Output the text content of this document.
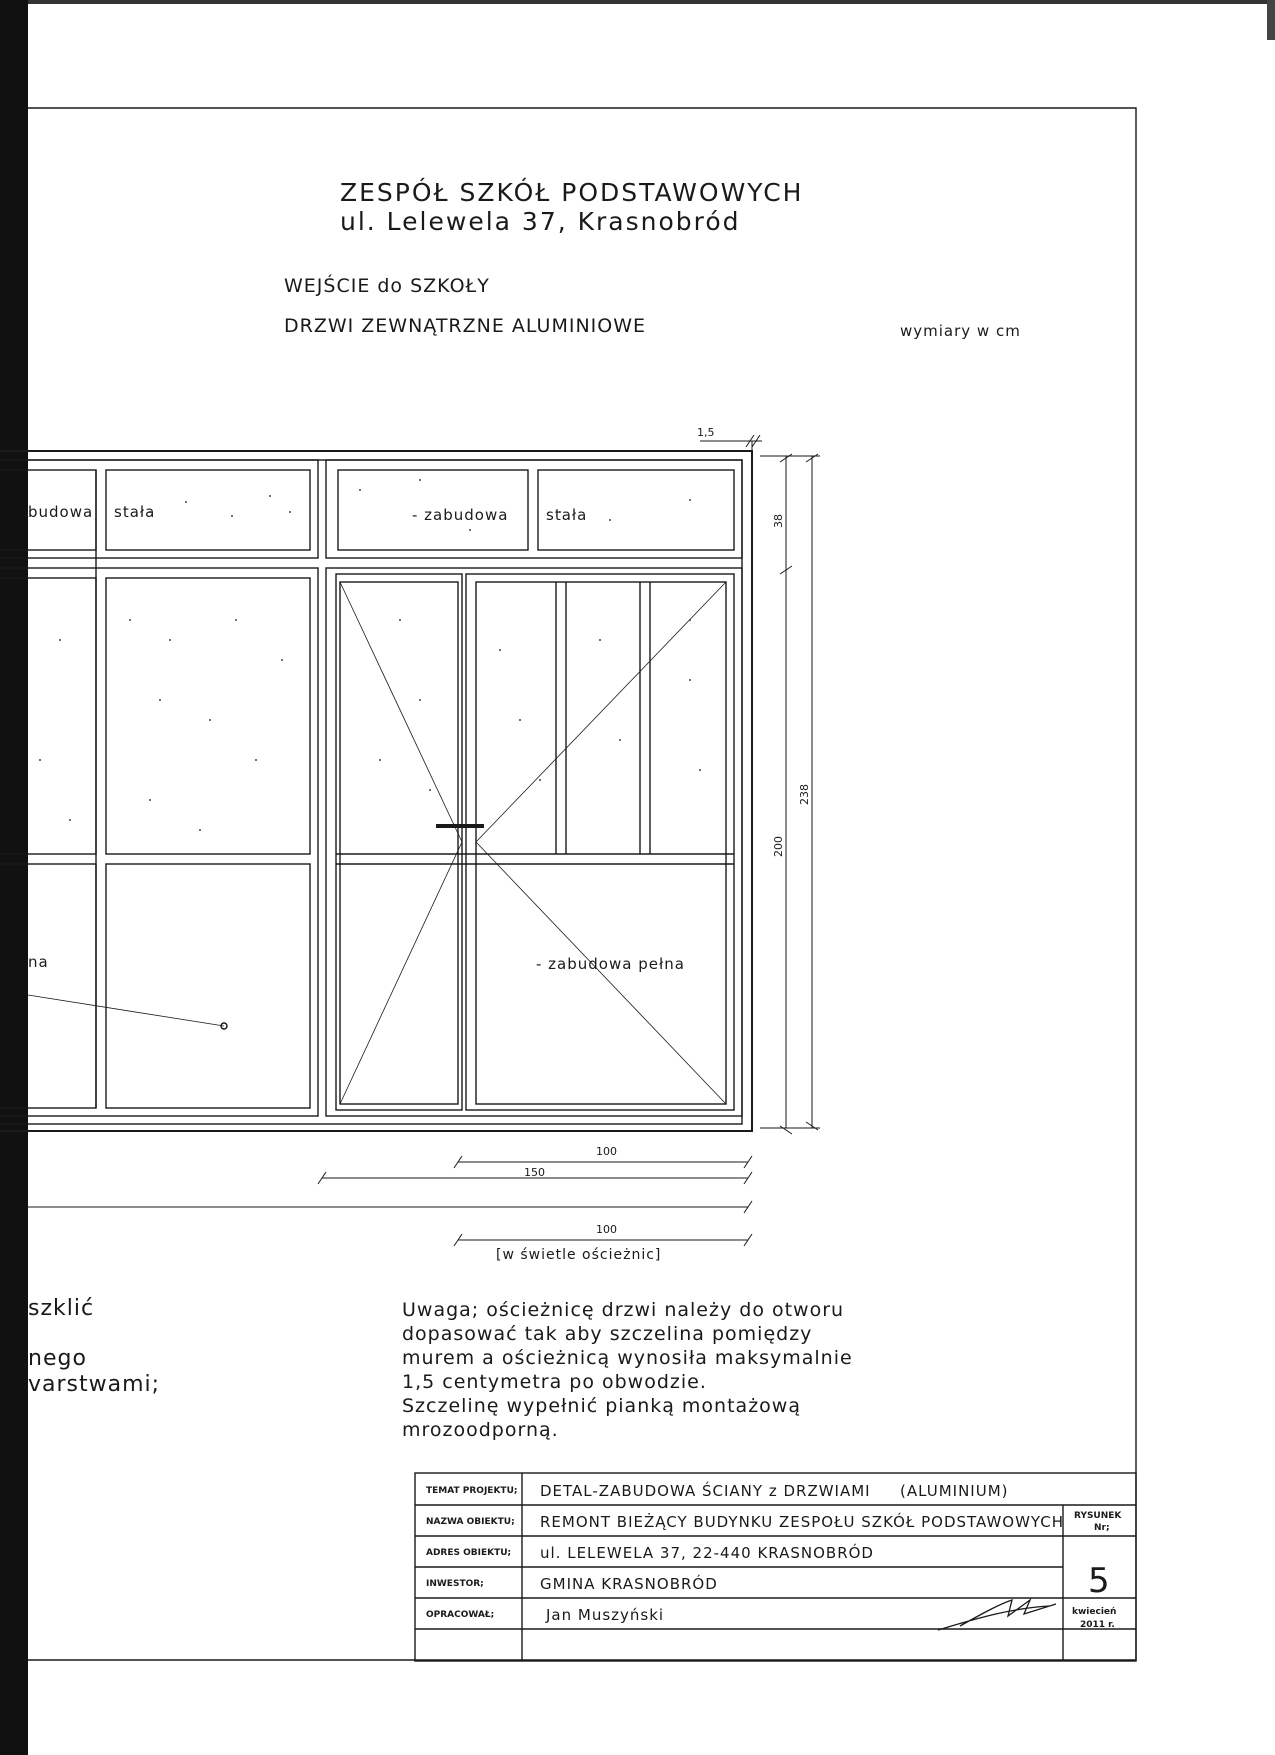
ZESPÓŁ SZKÓŁ PODSTAWOWYCH
ul. Lelewela 37, Krasnobród
WEJŚCIE do SZKOŁY
DRZWI ZEWNĄTRZNE ALUMINIOWE	wymiary w cm
budowa stała	- zabudowa	stała
- zabudowa pełna
na
1,5
38
200
238
100
150
100
[w świetle ościeżnic]
TEMAT PROJEKTU; DETAL-ZABUDOWA ŚCIANY z DRZWIAMI (ALUMINIUM)
NAZWA OBIEKTU; REMONT BIEŻĄCY BUDYNKU ZESPOŁU SZKÓŁ PODSTAWOWYCH
ADRES OBIEKTU; ul. LELEWELA 37, 22-440 KRASNOBRÓD
INWESTOR;	GMINA KRASNOBRÓD
OPRACOWAŁ;	Jan Muszyński
RYSUNEK
Nr;
5
kwiecień
2011 r.
szklić
nego
varstwami;
Uwaga; ościeżnicę drzwi należy do otworu
dopasować tak aby szczelina pomiędzy
murem a ościeżnicą wynosiła maksymalnie
1,5 centymetra po obwodzie.
Szczelinę wypełnić pianką montażową
mrozoodporną.
